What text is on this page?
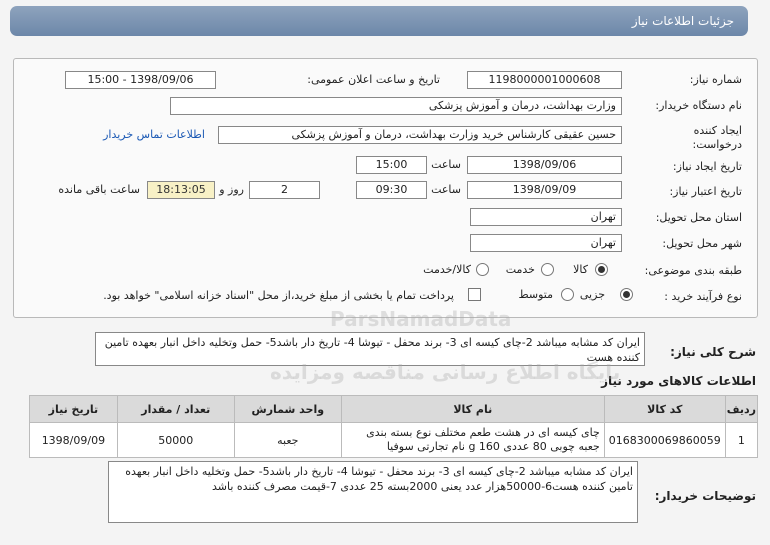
جزئیات اطلاعات نیاز
شماره نیاز:
1198000001000608
تاریخ و ساعت اعلان عمومی:
1398/09/06 - 15:00
نام دستگاه خریدار:
وزارت بهداشت، درمان و آموزش پزشکی
ایجاد کننده درخواست:
حسین عقیقی کارشناس خرید وزارت بهداشت، درمان و آموزش پزشکی
اطلاعات تماس خریدار
تاریخ ایجاد نیاز:
1398/09/06
ساعت
15:00
تاریخ اعتبار نیاز:
1398/09/09
ساعت
09:30
2
روز و
18:13:05
ساعت باقی مانده
استان محل تحویل:
تهران
شهر محل تحویل:
تهران
طبقه بندی موضوعی:
کالا
خدمت
کالا/خدمت
نوع فرآیند خرید :
جزیی
متوسط
پرداخت تمام یا بخشی از مبلغ خرید،از محل "اسناد خزانه اسلامی" خواهد بود.
شرح کلی نیاز:
ایران کد مشابه میباشد 2-چای کیسه ای 3- برند محفل - تیوشا 4- تاریخ دار باشد5- حمل وتخلیه داخل انبار بعهده تامین کننده هست
اطلاعات کالاهای مورد نیاز
پایگاه اطلاع رسانی مناقصه ومزایده
ParsNamadData
ردیف	کد کالا	نام کالا	واحد شمارش	تعداد / مقدار	تاریخ نیاز
1	0168300069860059	چای کیسه ای در هشت طعم مختلف نوع بسته بندی جعبه چوبی 80 عددی 160 g نام تجارتی سوفیا	جعبه	50000	1398/09/09
توضیحات خریدار:
ایران کد مشابه میباشد 2-چای کیسه ای 3- برند محفل - تیوشا 4- تاریخ دار باشد5- حمل وتخلیه داخل انبار بعهده تامین کننده هست6-50000هزار عدد یعنی 2000بسته 25 عددی 7-قیمت مصرف کننده باشد
